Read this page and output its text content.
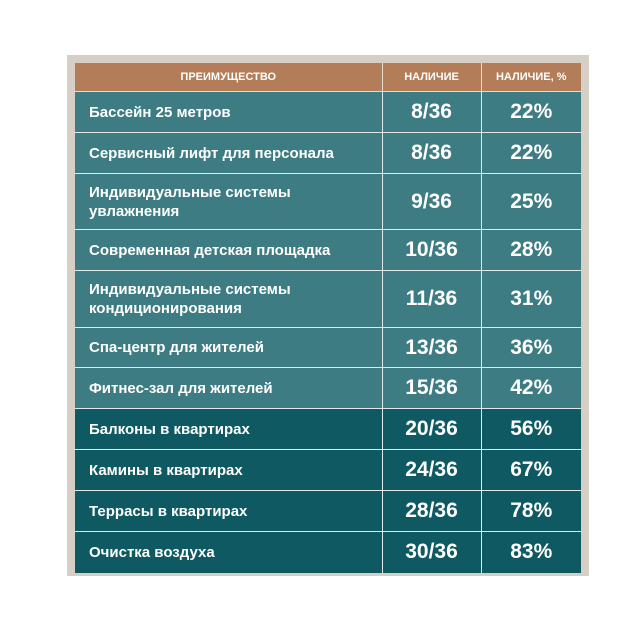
ПРЕИМУЩЕСТВО	НАЛИЧИЕ	НАЛИЧИЕ, %
Бассейн 25 метров	8/36	22%
Сервисный лифт для персонала	8/36	22%
Индивидуальные системы увлажнения	9/36	25%
Современная детская площадка	10/36	28%
Индивидуальные системы кондиционирования	11/36	31%
Спа-центр для жителей	13/36	36%
Фитнес-зал для жителей	15/36	42%
Балконы в квартирах	20/36	56%
Камины в квартирах	24/36	67%
Террасы в квартирах	28/36	78%
Очистка воздуха	30/36	83%
